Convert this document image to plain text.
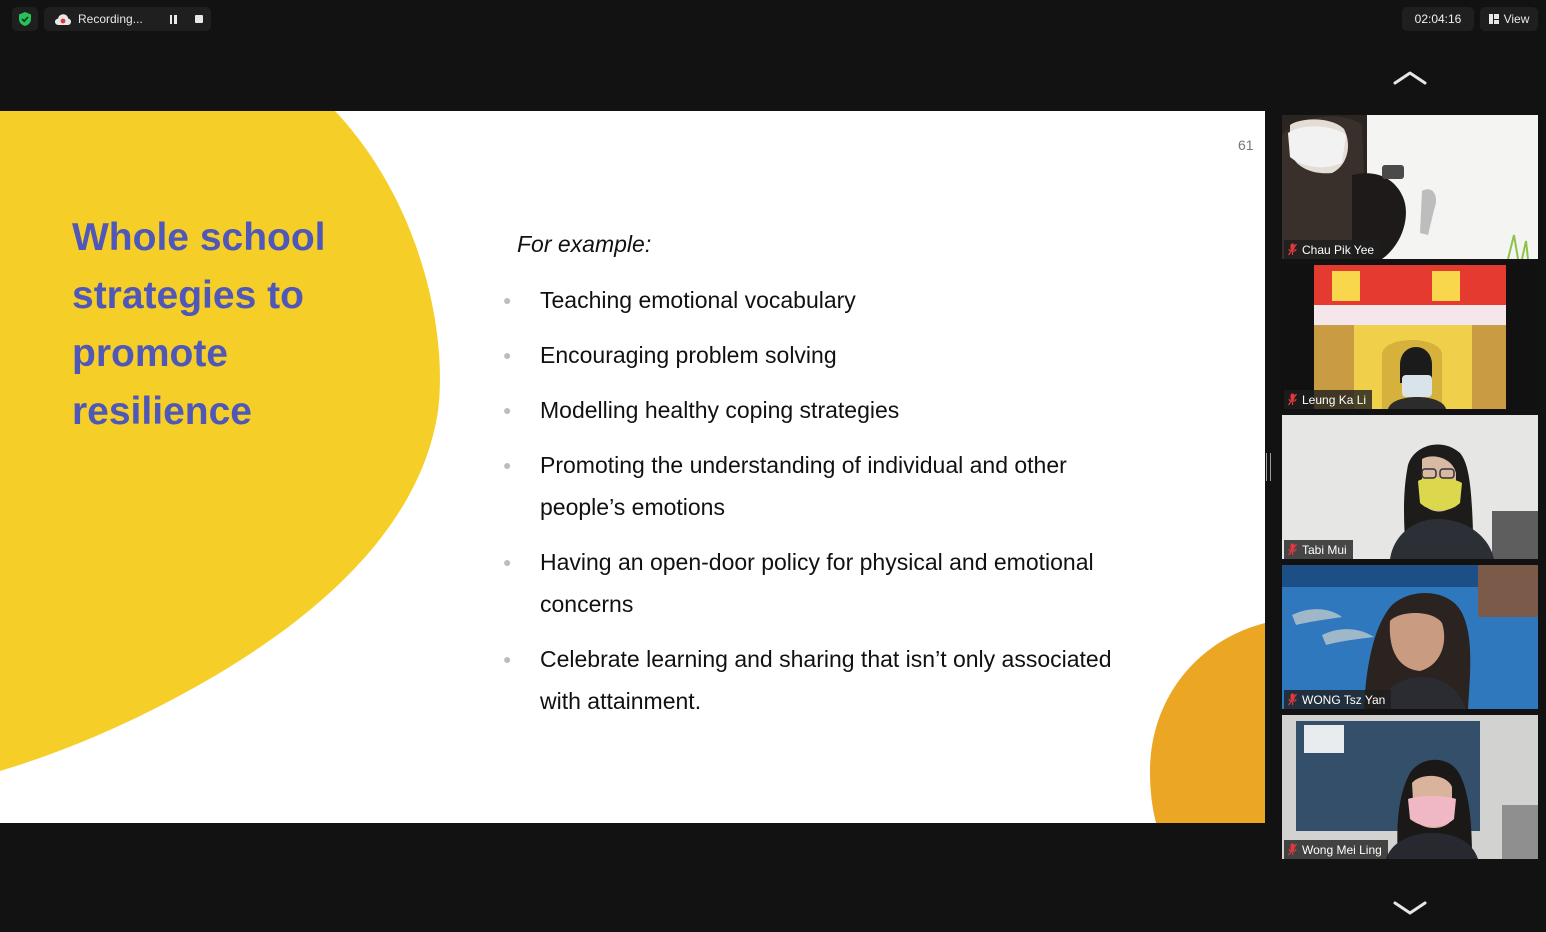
Recording...	02:04:16	View
61
Whole school
strategies to
promote
resilience
For example:
● Teaching emotional vocabulary
● Encouraging problem solving
● Modelling healthy coping strategies
● Promoting the understanding of individual and other
people’s emotions
● Having an open-door policy for physical and emotional
concerns
● Celebrate learning and sharing that isn’t only associated
with attainment.
Chau Pik Yee
Leung Ka Li
Tabi Mui
WONG Tsz Yan
Wong Mei Ling
